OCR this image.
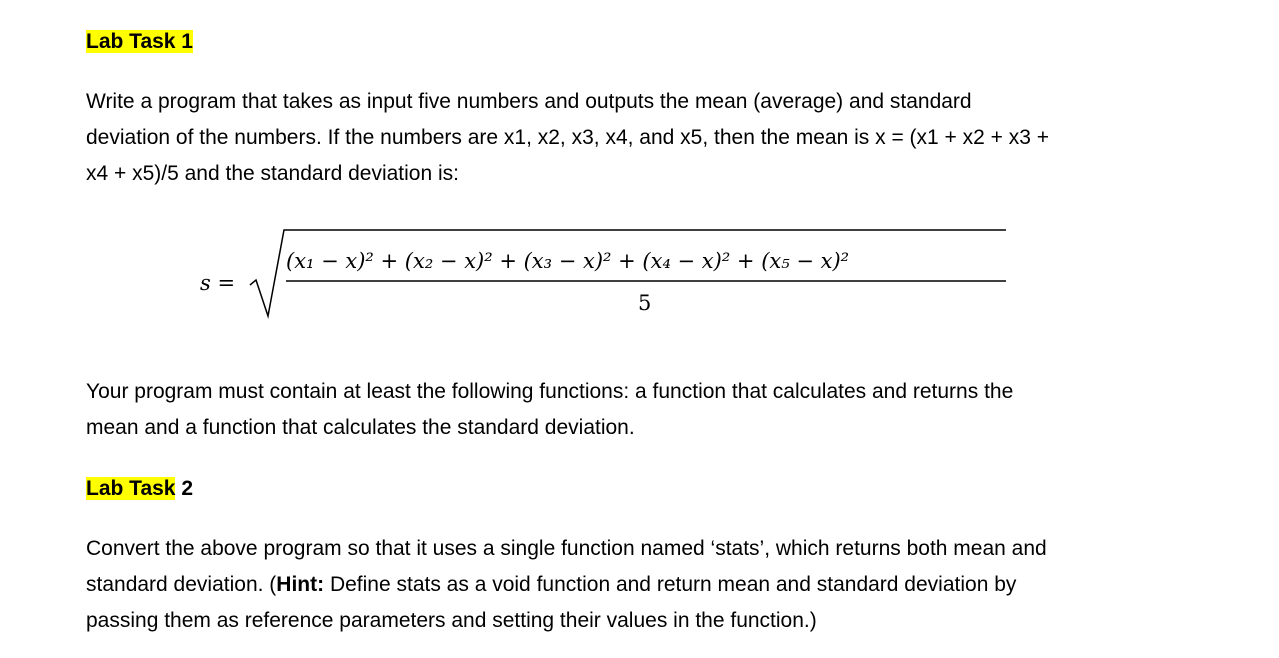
Lab Task 1
Write a program that takes as input five numbers and outputs the mean (average) and standard
deviation of the numbers. If the numbers are x1, x2, x3, x4, and x5, then the mean is x = (x1 + x2 + x3 +
x4 + x5)/5 and the standard deviation is:
s =
(x₁ − x)² + (x₂ − x)² + (x₃ − x)² + (x₄ − x)² + (x₅ − x)²
5
Your program must contain at least the following functions: a function that calculates and returns the
mean and a function that calculates the standard deviation.
Lab Task 2
Convert the above program so that it uses a single function named ‘stats’, which returns both mean and
standard deviation. (Hint: Define stats as a void function and return mean and standard deviation by
passing them as reference parameters and setting their values in the function.)
